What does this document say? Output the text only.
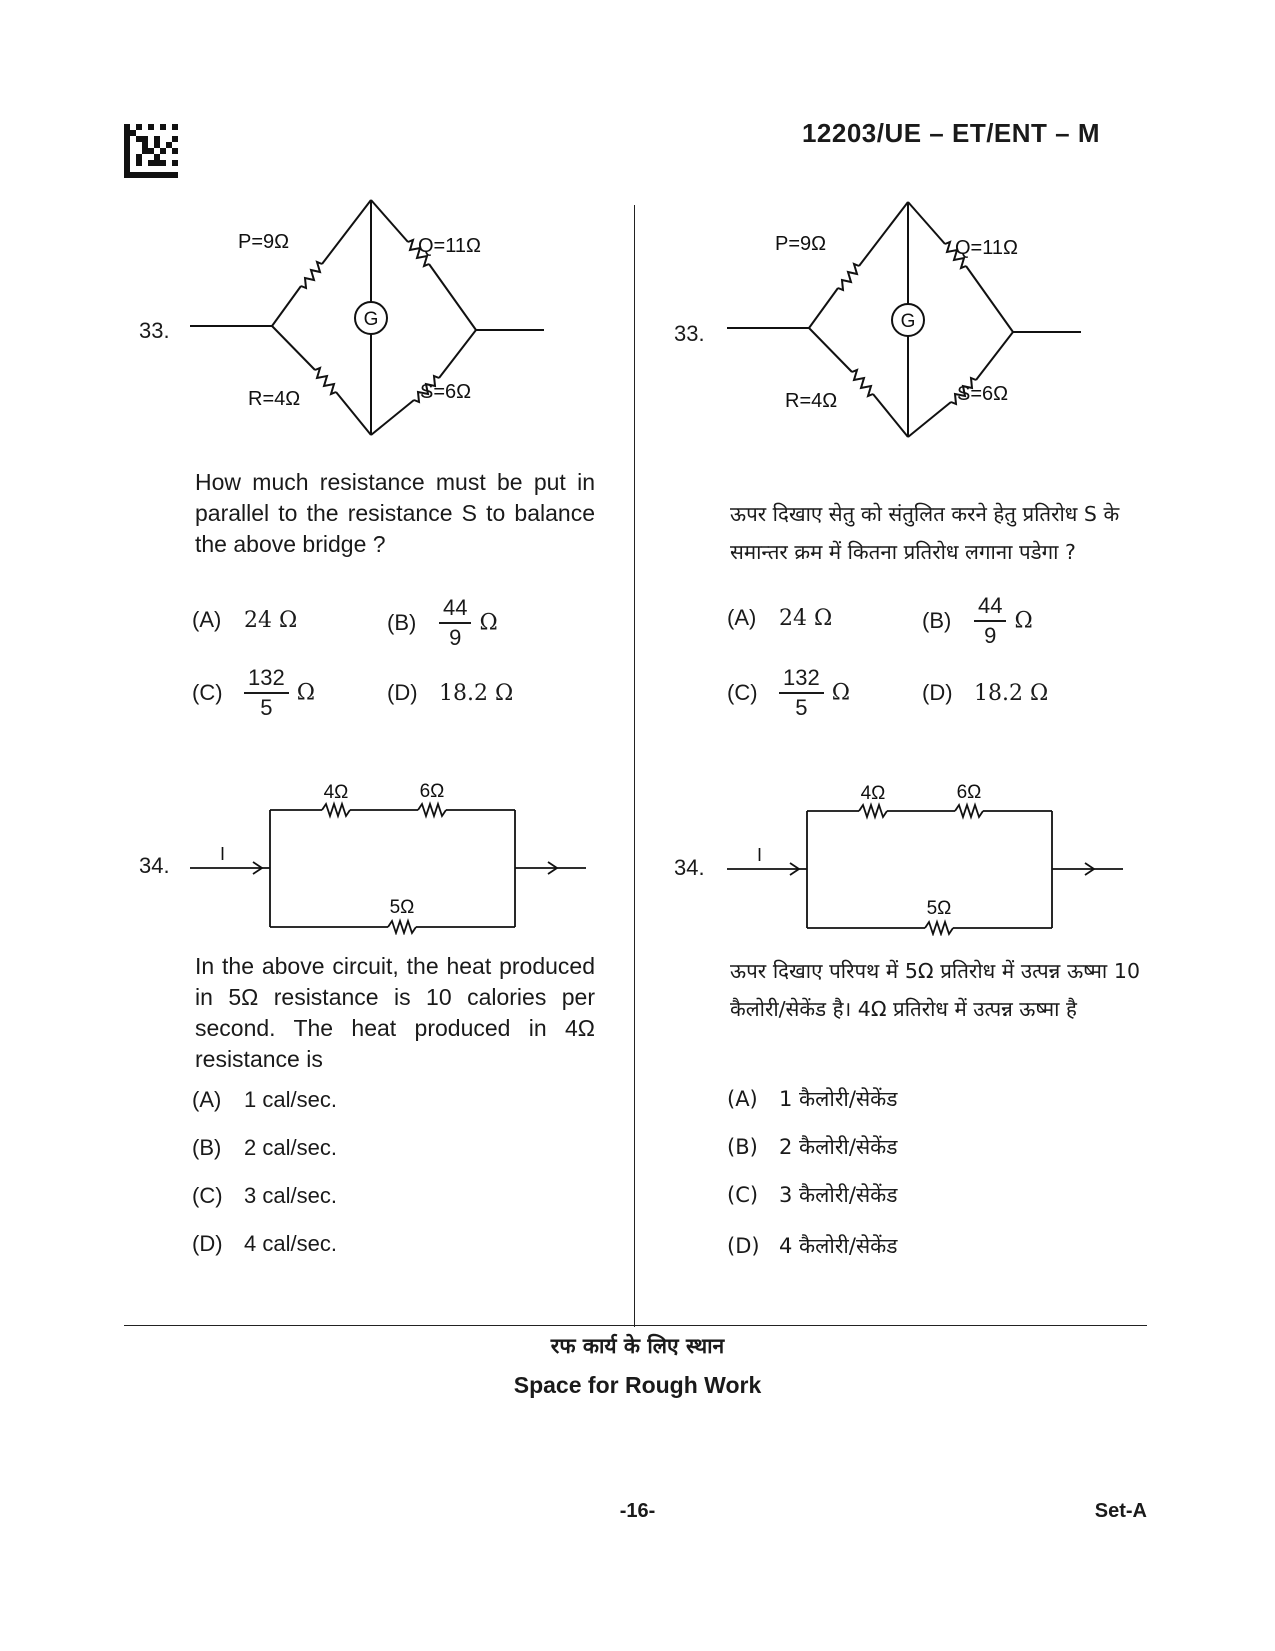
12203/UE – ET/ENT – M
33.	G
P=9Ω	Q=11Ω
R=4Ω	S=6Ω
How much resistance must be put in parallel to the resistance S to balance the above bridge ?
(A) 24 Ω	$(B) \frac{44}{9}$ Ω
$(C) \frac{132}{5}$ Ω	(D) 18.2 Ω
34.
4Ω	6Ω
5Ω
I
In the above circuit, the heat produced in 5Ω resistance is 10 calories per second. The heat produced in 4Ω resistance is
(A) 1 cal/sec.
(B) 2 cal/sec.
(C) 3 cal/sec.
(D) 4 cal/sec.
33.	G
P=9Ω	Q=11Ω
R=4Ω	S=6Ω
ऊपर दिखाए सेतु को संतुलित करने हेतु प्रतिरोध S के समान्तर क्रम में कितना प्रतिरोध लगाना पडेगा ?
(A) 24 Ω	$(B) \frac{44}{9}$ Ω
$(C) \frac{132}{5}$ Ω	(D) 18.2 Ω
34.
4Ω	6Ω
5Ω
I
ऊपर दिखाए परिपथ में 5Ω प्रतिरोध में उत्पन्न ऊष्मा 10 कैलोरी/सेकेंड है। 4Ω प्रतिरोध में उत्पन्न ऊष्मा है
(A) 1 कैलोरी/सेकेंड
(B) 2 कैलोरी/सेकेंड
(C) 3 कैलोरी/सेकेंड
(D) 4 कैलोरी/सेकेंड
रफ कार्य के लिए स्थान
Space for Rough Work
-16-	Set-A
